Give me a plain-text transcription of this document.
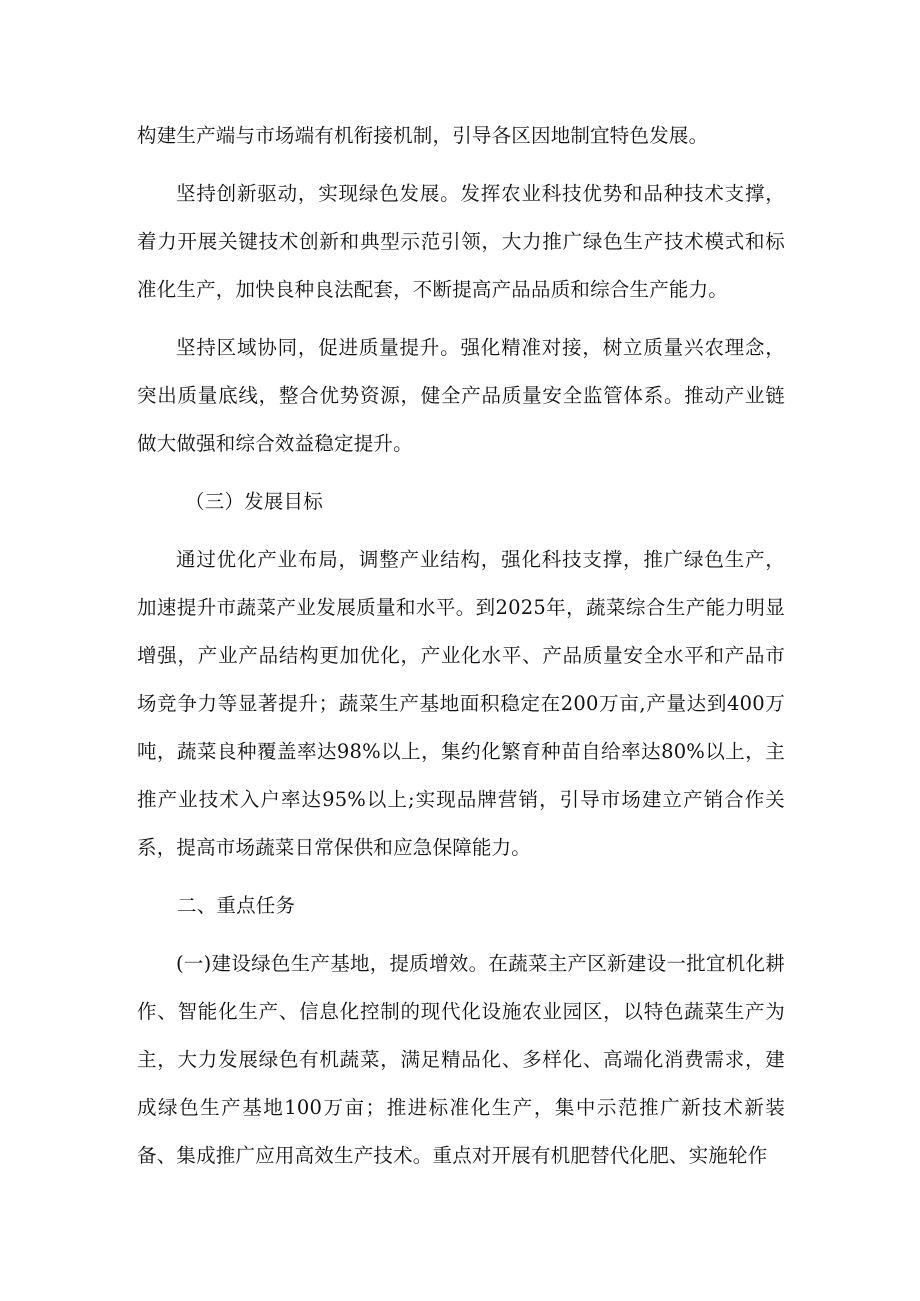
构建生产端与市场端有机衔接机制，引导各区因地制宜特色发展。

坚持创新驱动，实现绿色发展。发挥农业科技优势和品种技术支撑，着力开展关键技术创新和典型示范引领，大力推广绿色生产技术模式和标准化生产，加快良种良法配套，不断提高产品品质和综合生产能力。

坚持区域协同，促进质量提升。强化精准对接，树立质量兴农理念，突出质量底线，整合优势资源，健全产品质量安全监管体系。推动产业链做大做强和综合效益稳定提升。

（三）发展目标

通过优化产业布局，调整产业结构，强化科技支撑，推广绿色生产，加速提升市蔬菜产业发展质量和水平。到2025年，蔬菜综合生产能力明显增强，产业产品结构更加优化，产业化水平、产品质量安全水平和产品市场竞争力等显著提升；蔬菜生产基地面积稳定在200万亩,产量达到400万吨，蔬菜良种覆盖率达98%以上，集约化繁育种苗自给率达80%以上，主推产业技术入户率达95%以上;实现品牌营销，引导市场建立产销合作关系，提高市场蔬菜日常保供和应急保障能力。

二、重点任务

(一)建设绿色生产基地，提质增效。在蔬菜主产区新建设一批宜机化耕作、智能化生产、信息化控制的现代化设施农业园区，以特色蔬菜生产为主，大力发展绿色有机蔬菜，满足精品化、多样化、高端化消费需求，建成绿色生产基地100万亩；推进标准化生产，集中示范推广新技术新装备、集成推广应用高效生产技术。重点对开展有机肥替代化肥、实施轮作
